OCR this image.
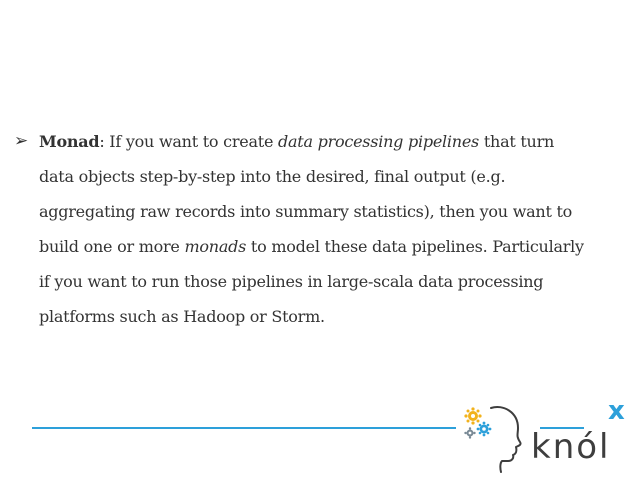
➢ Monad: If you want to create data processing pipelines that turn
data objects step-by-step into the desired, final output (e.g.
aggregating raw records into summary statistics), then you want to
build one or more monads to model these data pipelines. Particularly
if you want to run those pipelines in large-scala data processing
platforms such as Hadoop or Storm.
knól
x
